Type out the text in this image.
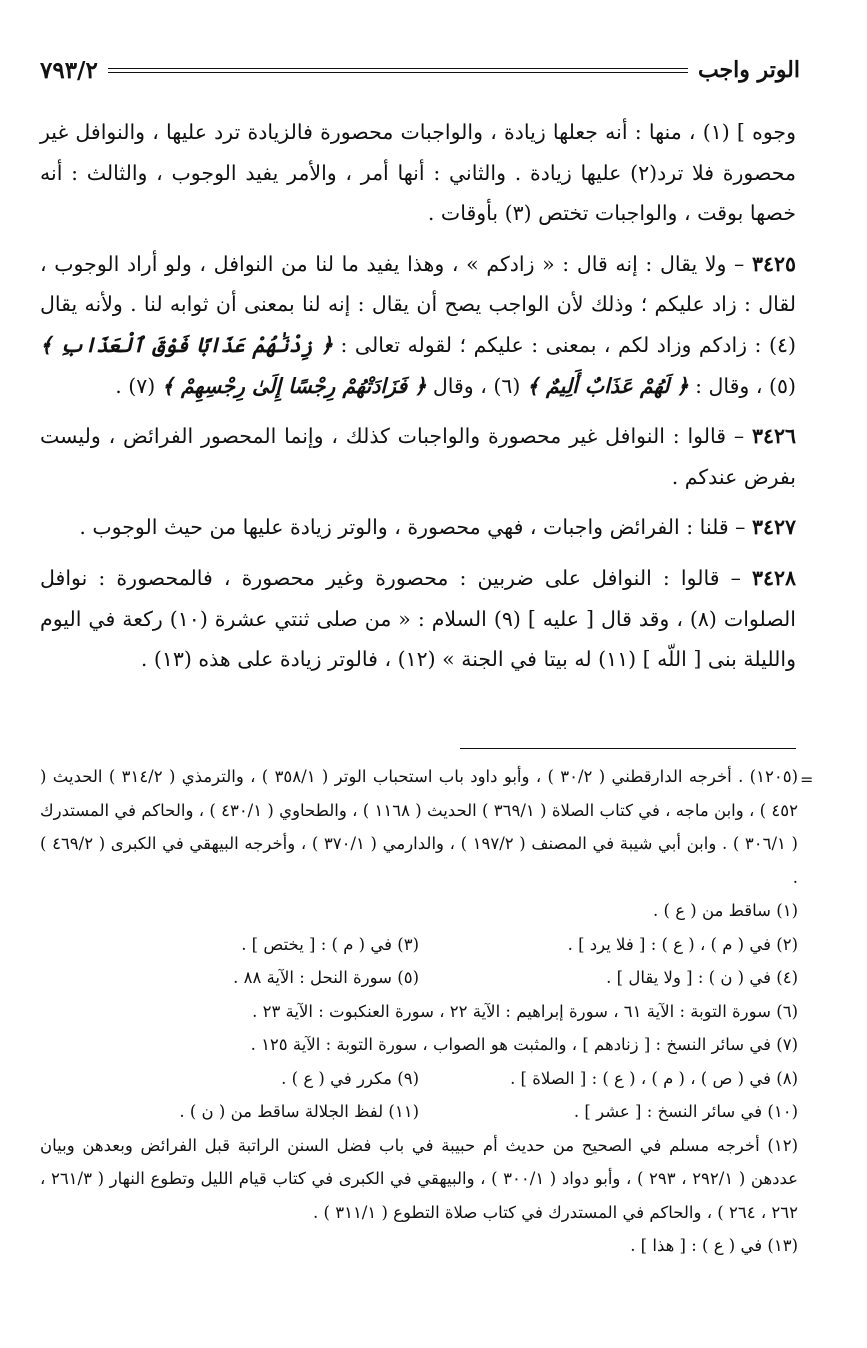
الوتر واجب
٧٩٣/٢

وجوه ] (١) ، منها : أنه جعلها زيادة ، والواجبات محصورة فالزيادة ترد عليها ، والنوافل غير محصورة فلا ترد(٢) عليها زيادة . والثاني : أنها أمر ، والأمر يفيد الوجوب ، والثالث : أنه خصها بوقت ، والواجبات تختص (٣) بأوقات .

٣٤٢٥ – ولا يقال : إنه قال : « زادكم » ، وهذا يفيد ما لنا من النوافل ، ولو أراد الوجوب ، لقال : زاد عليكم ؛ وذلك لأن الواجب يصح أن يقال : إنه لنا بمعنى أن ثوابه لنا . ولأنه يقال (٤) : زادكم وزاد لكم ، بمعنى : عليكم ؛ لقوله تعالى : ﴿ زِدْنَٰهُمْ عَذَابًا فَوْقَ ٱلْعَذَابِ ﴾ (٥) ، وقال : ﴿ لَهُمْ عَذَابٌ أَلِيمٌ ﴾ (٦) ، وقال ﴿ فَزَادَتْهُمْ رِجْسًا إِلَىٰ رِجْسِهِمْ ﴾ (٧) .

٣٤٢٦ – قالوا : النوافل غير محصورة والواجبات كذلك ، وإنما المحصور الفرائض ، وليست بفرض عندكم .

٣٤٢٧ – قلنا : الفرائض واجبات ، فهي محصورة ، والوتر زيادة عليها من حيث الوجوب .

٣٤٢٨ – قالوا : النوافل على ضربين : محصورة وغير محصورة ، فالمحصورة : نوافل الصلوات (٨) ، وقد قال [ عليه ] (٩) السلام : « من صلى ثنتي عشرة (١٠) ركعة في اليوم والليلة بنى [ اللّه ] (١١) له بيتا في الجنة » (١٢) ، فالوتر زيادة على هذه (١٣) .

=

(١٢٠٥) . أخرجه الدارقطني ( ٣٠/٢ ) ، وأبو داود باب استحباب الوتر ( ٣٥٨/١ ) ، والترمذي ( ٣١٤/٢ ) الحديث ( ٤٥٢ ) ، وابن ماجه ، في كتاب الصلاة ( ٣٦٩/١ ) الحديث ( ١١٦٨ ) ، والطحاوي ( ٤٣٠/١ ) ، والحاكم في المستدرك ( ٣٠٦/١ ) . وابن أبي شيبة في المصنف ( ١٩٧/٢ ) ، والدارمي ( ٣٧٠/١ ) ، وأخرجه البيهقي في الكبرى ( ٤٦٩/٢ ) .

(١) ساقط من ( ع ) .
(٢) في ( م ) ، ( ع ) : [ فلا يرد ] .
(٣) في ( م ) : [ يختص ] .
(٤) في ( ن ) : [ ولا يقال ] .
(٥) سورة النحل : الآية ٨٨ .
(٦) سورة التوبة : الآية ٦١ ، سورة إبراهيم : الآية ٢٢ ، سورة العنكبوت : الآية ٢٣ .
(٧) في سائر النسخ : [ زنادهم ] ، والمثبت هو الصواب ، سورة التوبة : الآية ١٢٥ .
(٨) في ( ص ) ، ( م ) ، ( ع ) : [ الصلاة ] .
(٩) مكرر في ( ع ) .
(١٠) في سائر النسخ : [ عشر ] .
(١١) لفظ الجلالة ساقط من ( ن ) .

(١٢) أخرجه مسلم في الصحيح من حديث أم حبيبة في باب فضل السنن الراتبة قبل الفرائض وبعدهن وبيان عددهن ( ٢٩٢/١ ، ٢٩٣ ) ، وأبو دواد ( ٣٠٠/١ ) ، والبيهقي في الكبرى في كتاب قيام الليل وتطوع النهار ( ٢٦١/٣ ، ٢٦٢ ، ٢٦٤ ) ، والحاكم في المستدرك في كتاب صلاة التطوع ( ٣١١/١ ) .

(١٣) في ( ع ) : [ هذا ] .
